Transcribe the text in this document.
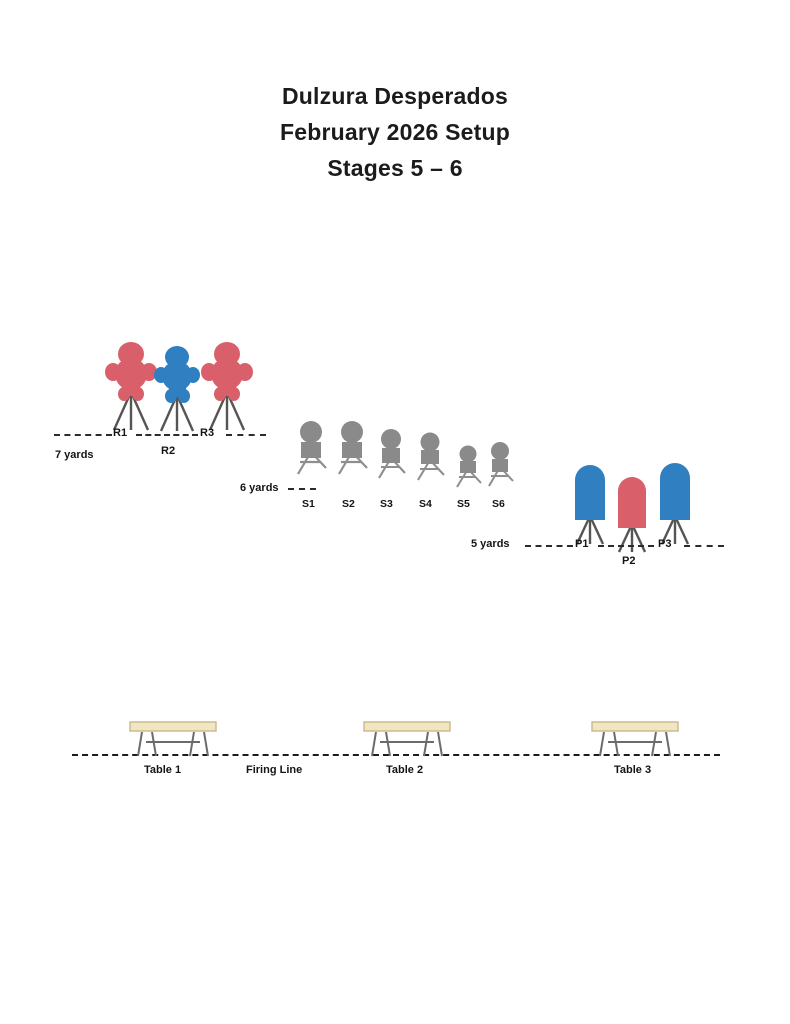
Dulzura Desperados
February 2026 Setup
Stages 5 – 6
R1	R3
R2
7 yards
6 yards
S1	S2 S3 S4 S5 S6
5 yards	P1	P3
P2
Table 1	Firing Line	Table 2	Table 3
